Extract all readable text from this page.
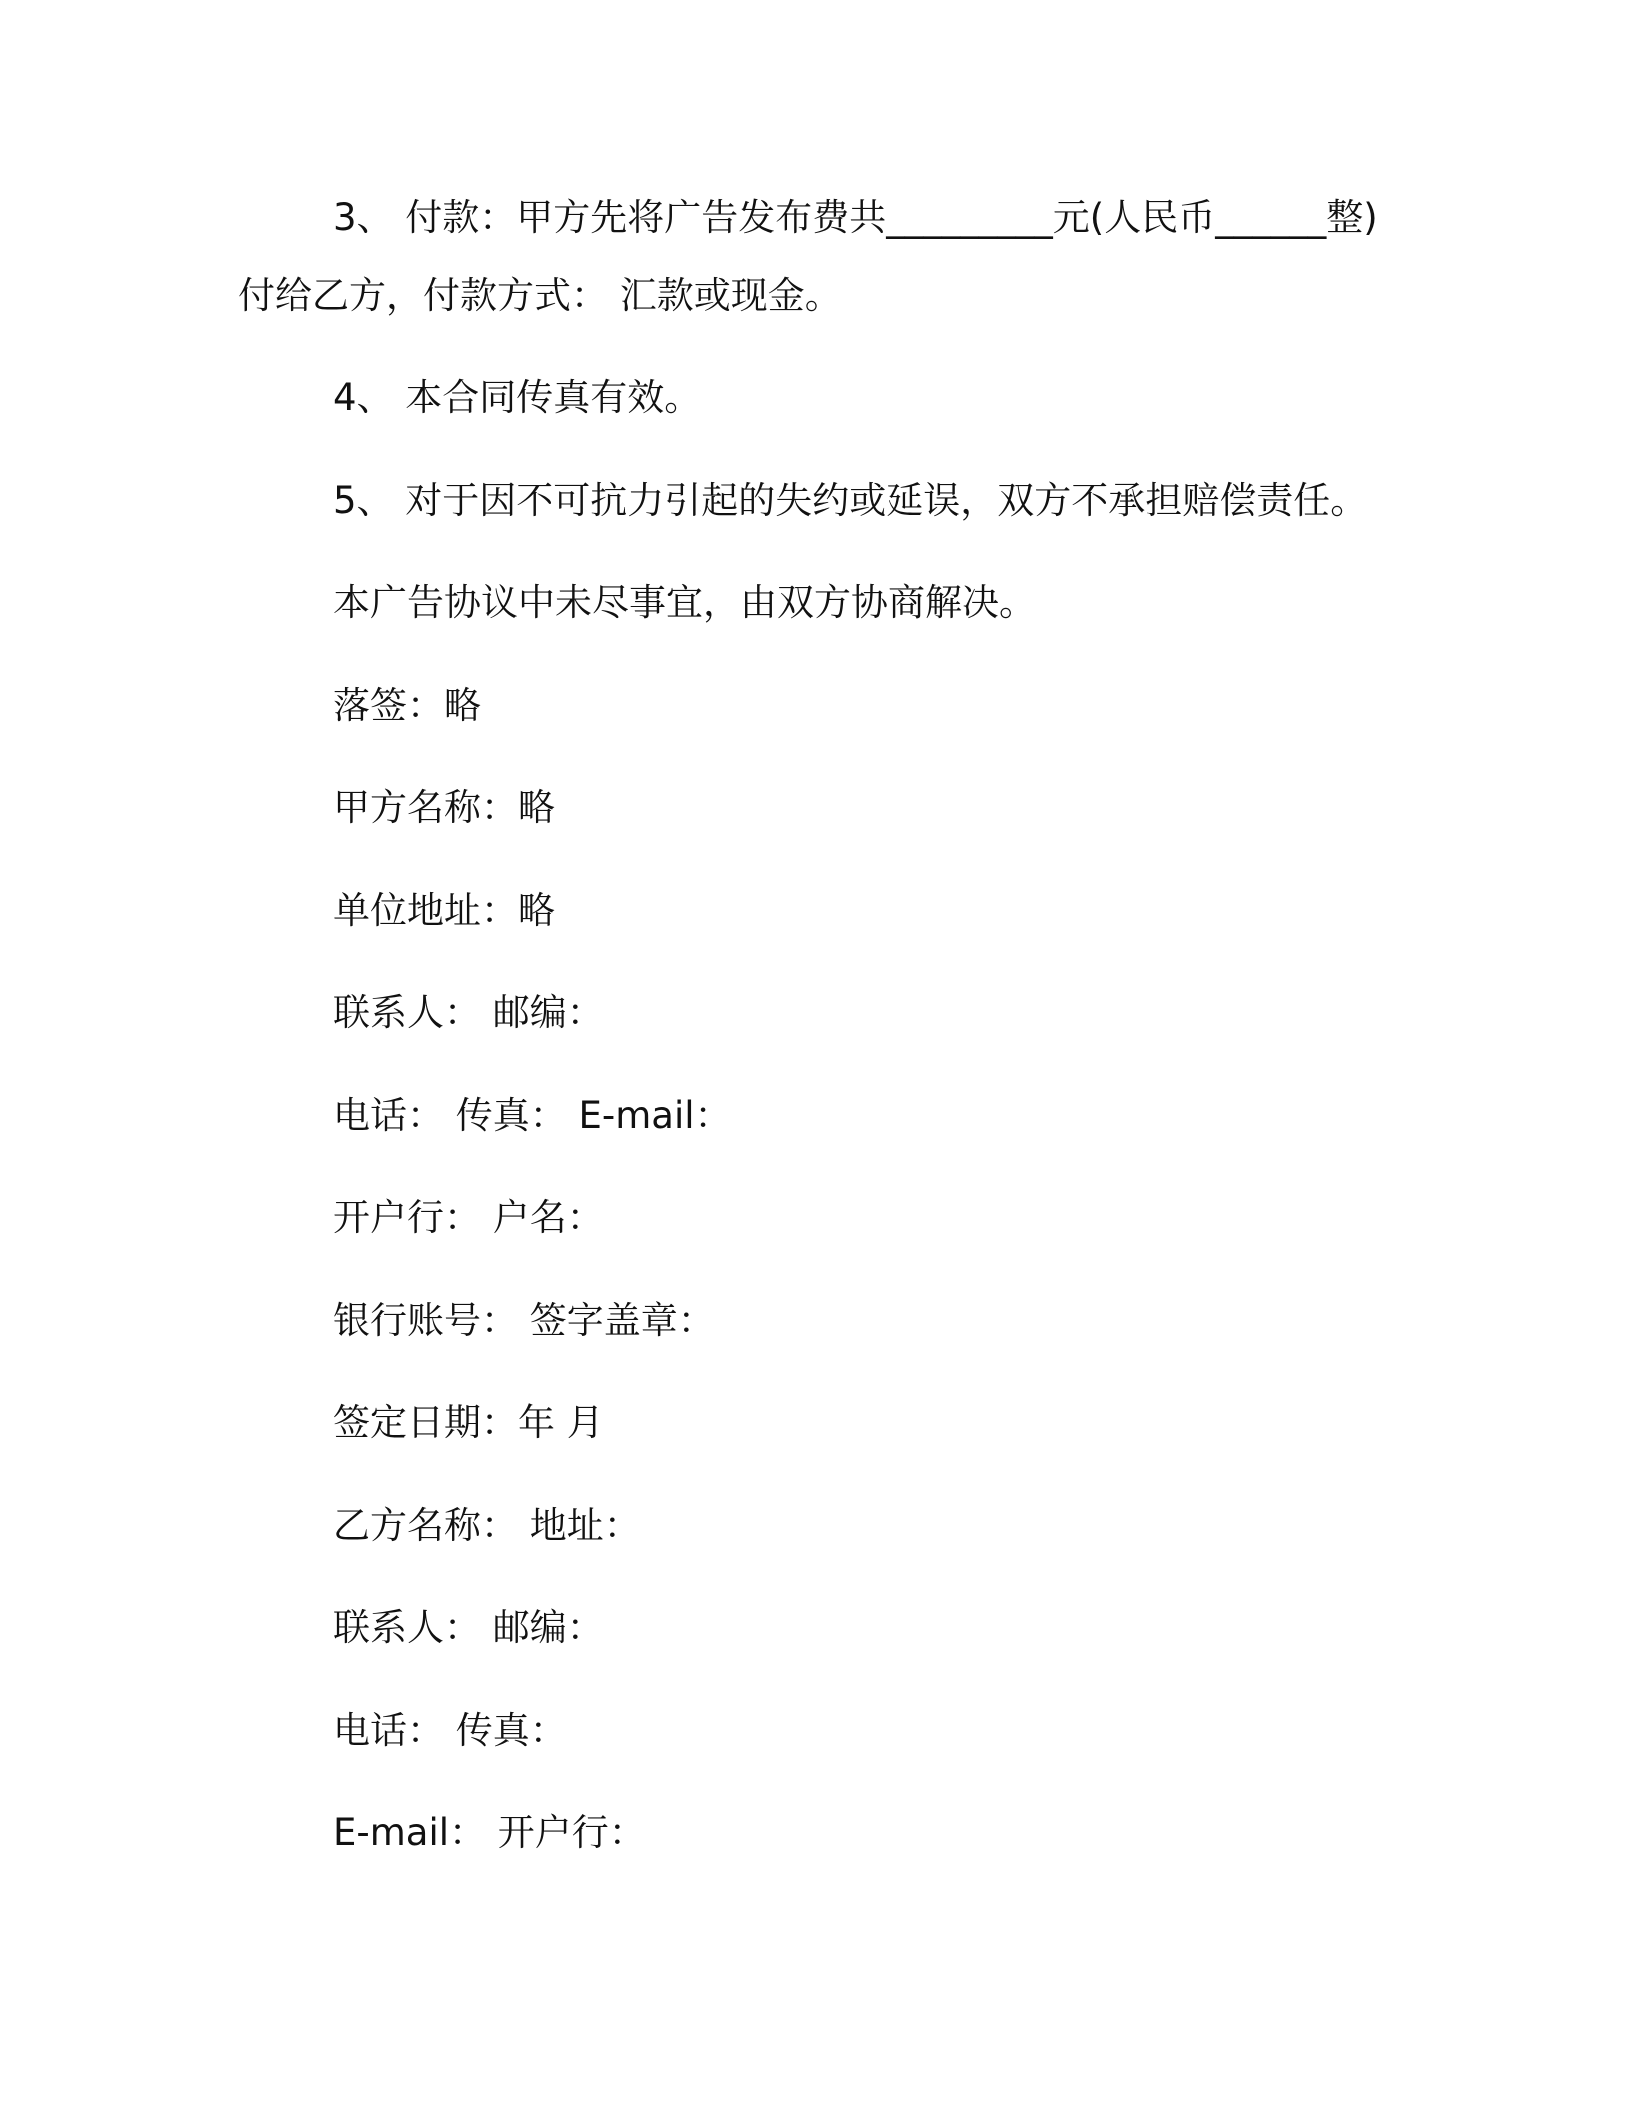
3、 付款：甲方先将广告发布费共_________元(人民币______整)
付给乙方，付款方式： 汇款或现金。
4、 本合同传真有效。
5、 对于因不可抗力引起的失约或延误，双方不承担赔偿责任。
本广告协议中未尽事宜，由双方协商解决。
落签：略
甲方名称：略
单位地址：略
联系人： 邮编：
电话： 传真： E-mail：
开户行： 户名：
银行账号： 签字盖章：
签定日期：年 月
乙方名称： 地址：
联系人： 邮编：
电话： 传真：
E-mail： 开户行：
